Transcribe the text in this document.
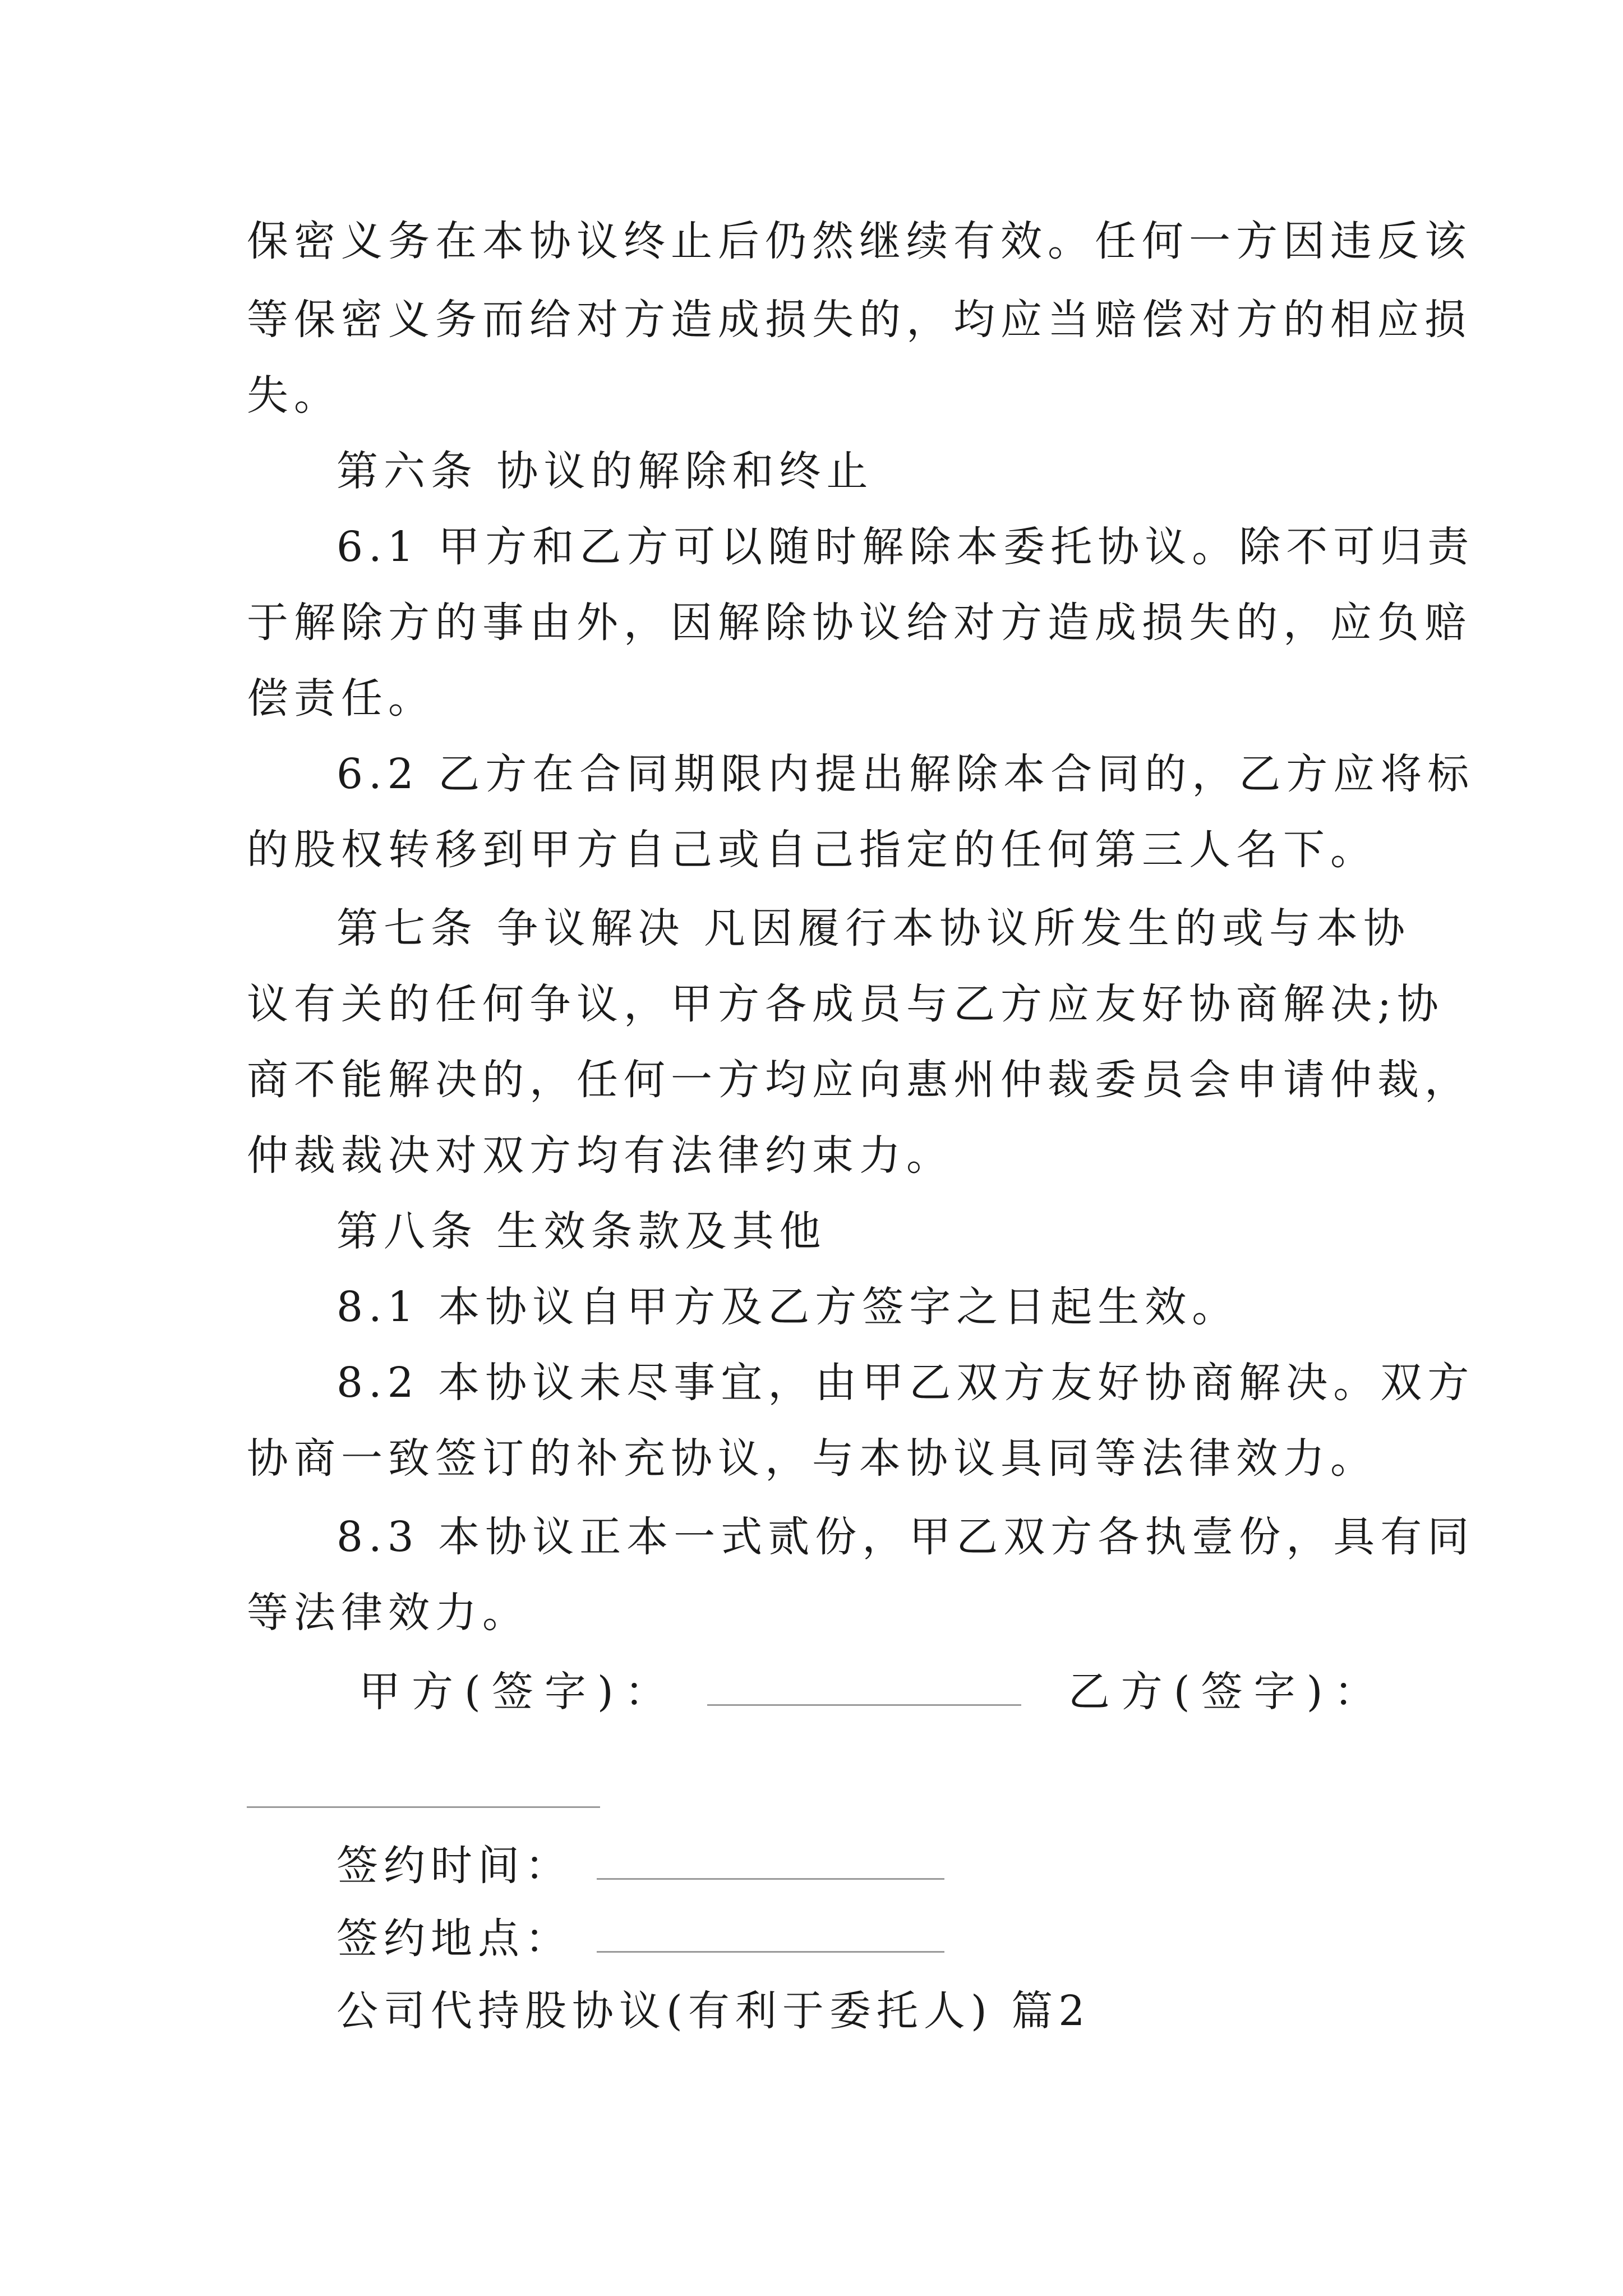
保密义务在本协议终止后仍然继续有效。任何一方因违反该
等保密义务而给对方造成损失的，均应当赔偿对方的相应损
失。
第六条 协议的解除和终止
6.1 甲方和乙方可以随时解除本委托协议。除不可归责
于解除方的事由外，因解除协议给对方造成损失的，应负赔
偿责任。
6.2 乙方在合同期限内提出解除本合同的，乙方应将标
的股权转移到甲方自己或自己指定的任何第三人名下。
第七条 争议解决 凡因履行本协议所发生的或与本协
议有关的任何争议，甲方各成员与乙方应友好协商解决;协
商不能解决的，任何一方均应向惠州仲裁委员会申请仲裁，
仲裁裁决对双方均有法律约束力。
第八条 生效条款及其他
8.1 本协议自甲方及乙方签字之日起生效。
8.2 本协议未尽事宜，由甲乙双方友好协商解决。双方
协商一致签订的补充协议，与本协议具同等法律效力。
8.3 本协议正本一式贰份，甲乙双方各执壹份，具有同
等法律效力。
甲方(签字)：	乙方(签字)：
签约时间：
签约地点：
公司代持股协议(有利于委托人) 篇2
